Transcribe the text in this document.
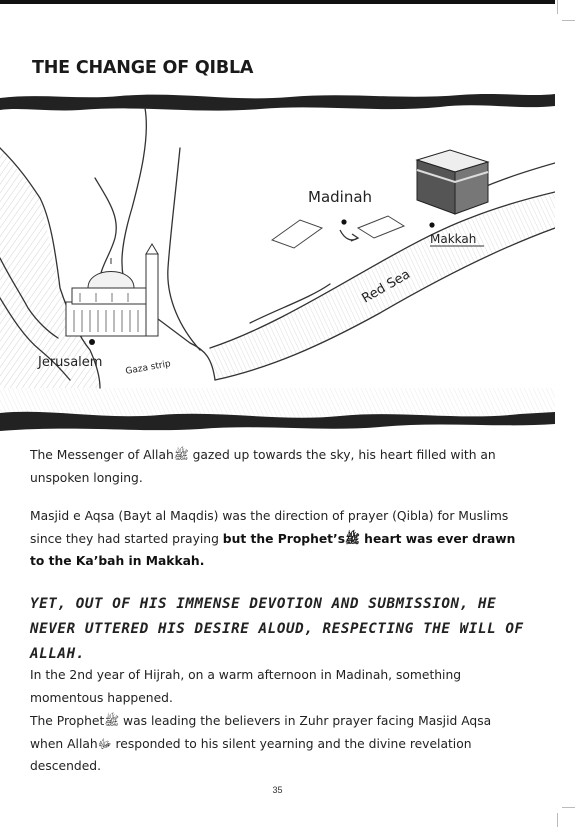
THE CHANGE OF QIBLA
Madinah
Makkah
Red Sea
Jerusalem Gaza strip
The Messenger of Allahﷺ gazed up towards the sky, his heart filled with an unspoken longing.
Masjid e Aqsa (Bayt al Maqdis) was the direction of prayer (Qibla) for Muslims since they had started praying but the Prophet’sﷺ heart was ever drawn to the Ka’bah in Makkah.
YET, OUT OF HIS IMMENSE DEVOTION AND SUBMISSION, HE NEVER UTTERED HIS DESIRE ALOUD, RESPECTING THE WILL OF ALLAH.
In the 2nd year of Hijrah, on a warm afternoon in Madinah, something momentous happened.
The Prophetﷺ was leading the believers in Zuhr prayer facing Masjid Aqsa when Allahﷻ responded to his silent yearning and the divine revelation descended.
35
